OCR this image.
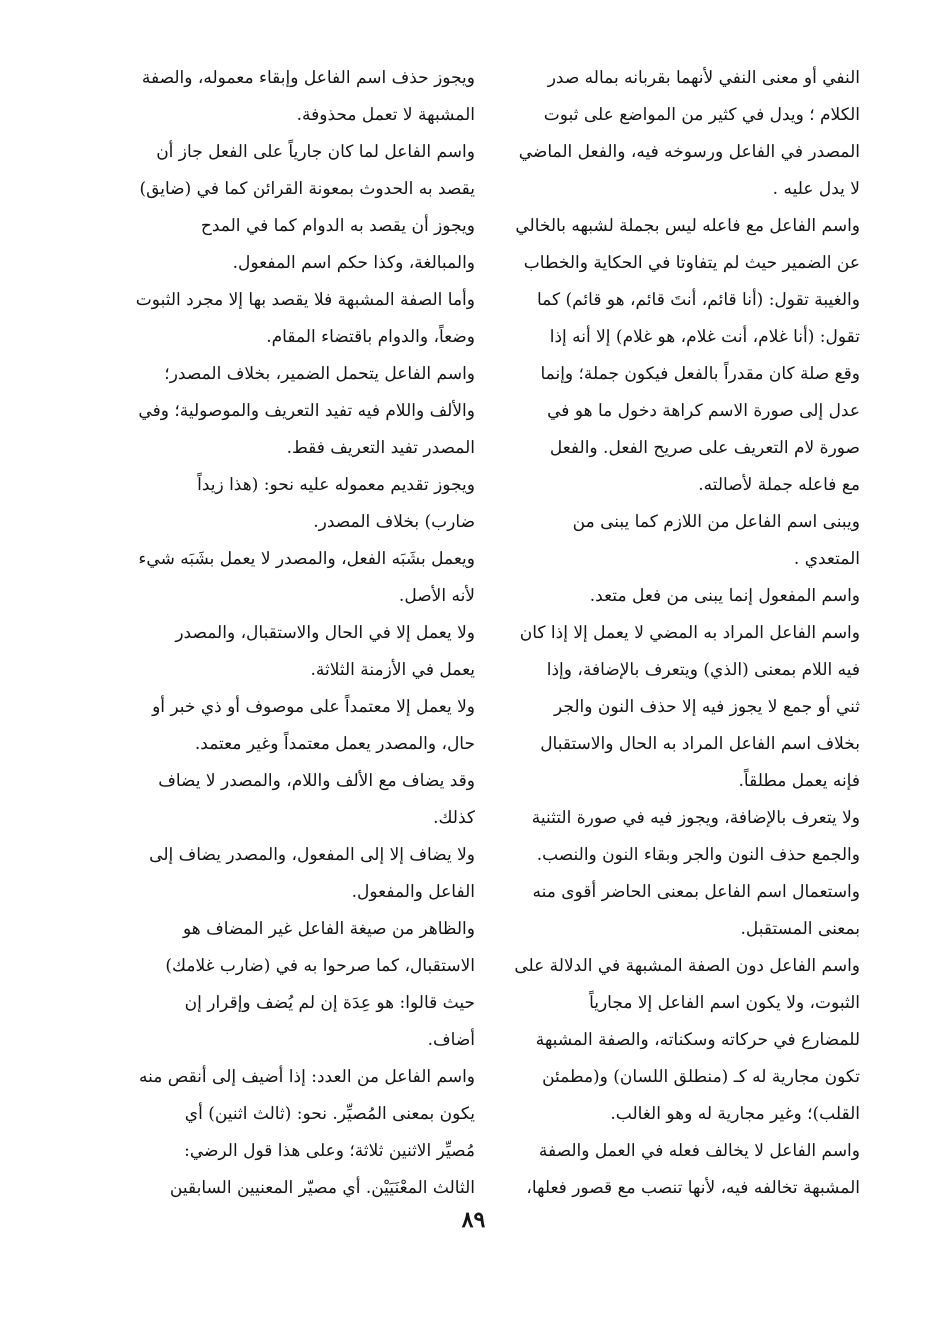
النفي أو معنى النفي لأنهما بقربانه بماله صدر
الكلام ؛ ويدل في كثير من المواضع على ثبوت
المصدر في الفاعل ورسوخه فيه، والفعل الماضي
لا يدل عليه .
واسم الفاعل مع فاعله ليس بجملة لشبهه بالخالي
عن الضمير حيث لم يتفاوتا في الحكاية والخطاب
والغيبة تقول: (أنا قائم، أنتَ قائم، هو قائم) كما
تقول: (أنا غلام، أنت غلام، هو غلام) إلا أنه إذا
وقع صلة كان مقدراً بالفعل فيكون جملة؛ وإنما
عدل إلى صورة الاسم كراهة دخول ما هو في
صورة لام التعريف على صريح الفعل. والفعل
مع فاعله جملة لأصالته.
ويبنى اسم الفاعل من اللازم كما يبنى من
المتعدي .
واسم المفعول إنما يبنى من فعل متعد.
واسم الفاعل المراد به المضي لا يعمل إلا إذا كان
فيه اللام بمعنى (الذي) ويتعرف بالإضافة، وإذا
ثني أو جمع لا يجوز فيه إلا حذف النون والجر
بخلاف اسم الفاعل المراد به الحال والاستقبال
فإنه يعمل مطلقاً.
ولا يتعرف بالإضافة، ويجوز فيه في صورة التثنية
والجمع حذف النون والجر وبقاء النون والنصب.
واستعمال اسم الفاعل بمعنى الحاضر أقوى منه
بمعنى المستقبل.
واسم الفاعل دون الصفة المشبهة في الدلالة على
الثبوت، ولا يكون اسم الفاعل إلا مجارياً
للمضارع في حركاته وسكناته، والصفة المشبهة
تكون مجارية له كـ (منطلق اللسان) و(مطمئن
القلب)؛ وغير مجارية له وهو الغالب.
واسم الفاعل لا يخالف فعله في العمل والصفة
المشبهة تخالفه فيه، لأنها تنصب مع قصور فعلها،
ويجوز حذف اسم الفاعل وإبقاء معموله، والصفة
المشبهة لا تعمل محذوفة.
واسم الفاعل لما كان جارياً على الفعل جاز أن
يقصد به الحدوث بمعونة القرائن كما في (ضايق)
ويجوز أن يقصد به الدوام كما في المدح
والمبالغة، وكذا حكم اسم المفعول.
وأما الصفة المشبهة فلا يقصد بها إلا مجرد الثبوت
وضعاً، والدوام باقتضاء المقام.
واسم الفاعل يتحمل الضمير، بخلاف المصدر؛
والألف واللام فيه تفيد التعريف والموصولية؛ وفي
المصدر تفيد التعريف فقط.
ويجوز تقديم معموله عليه نحو: (هذا زيداً
ضارب) بخلاف المصدر.
ويعمل بشَبَه الفعل، والمصدر لا يعمل بشَبَه شيء
لأنه الأصل.
ولا يعمل إلا في الحال والاستقبال، والمصدر
يعمل في الأزمنة الثلاثة.
ولا يعمل إلا معتمداً على موصوف أو ذي خبر أو
حال، والمصدر يعمل معتمداً وغير معتمد.
وقد يضاف مع الألف واللام، والمصدر لا يضاف
كذلك.
ولا يضاف إلا إلى المفعول، والمصدر يضاف إلى
الفاعل والمفعول.
والظاهر من صيغة الفاعل غير المضاف هو
الاستقبال، كما صرحوا به في (ضارب غلامك)
حيث قالوا: هو عِدَة إن لم يُضف وإقرار إن
أضاف.
واسم الفاعل من العدد: إذا أضيف إلى أنقص منه
يكون بمعنى المُصيِّر. نحو: (ثالث اثنين) أي
مُصيِّر الاثنين ثلاثة؛ وعلى هذا قول الرضي:
الثالث المعْنَيَيْن. أي مصيّر المعنيين السابقين
٨٩
